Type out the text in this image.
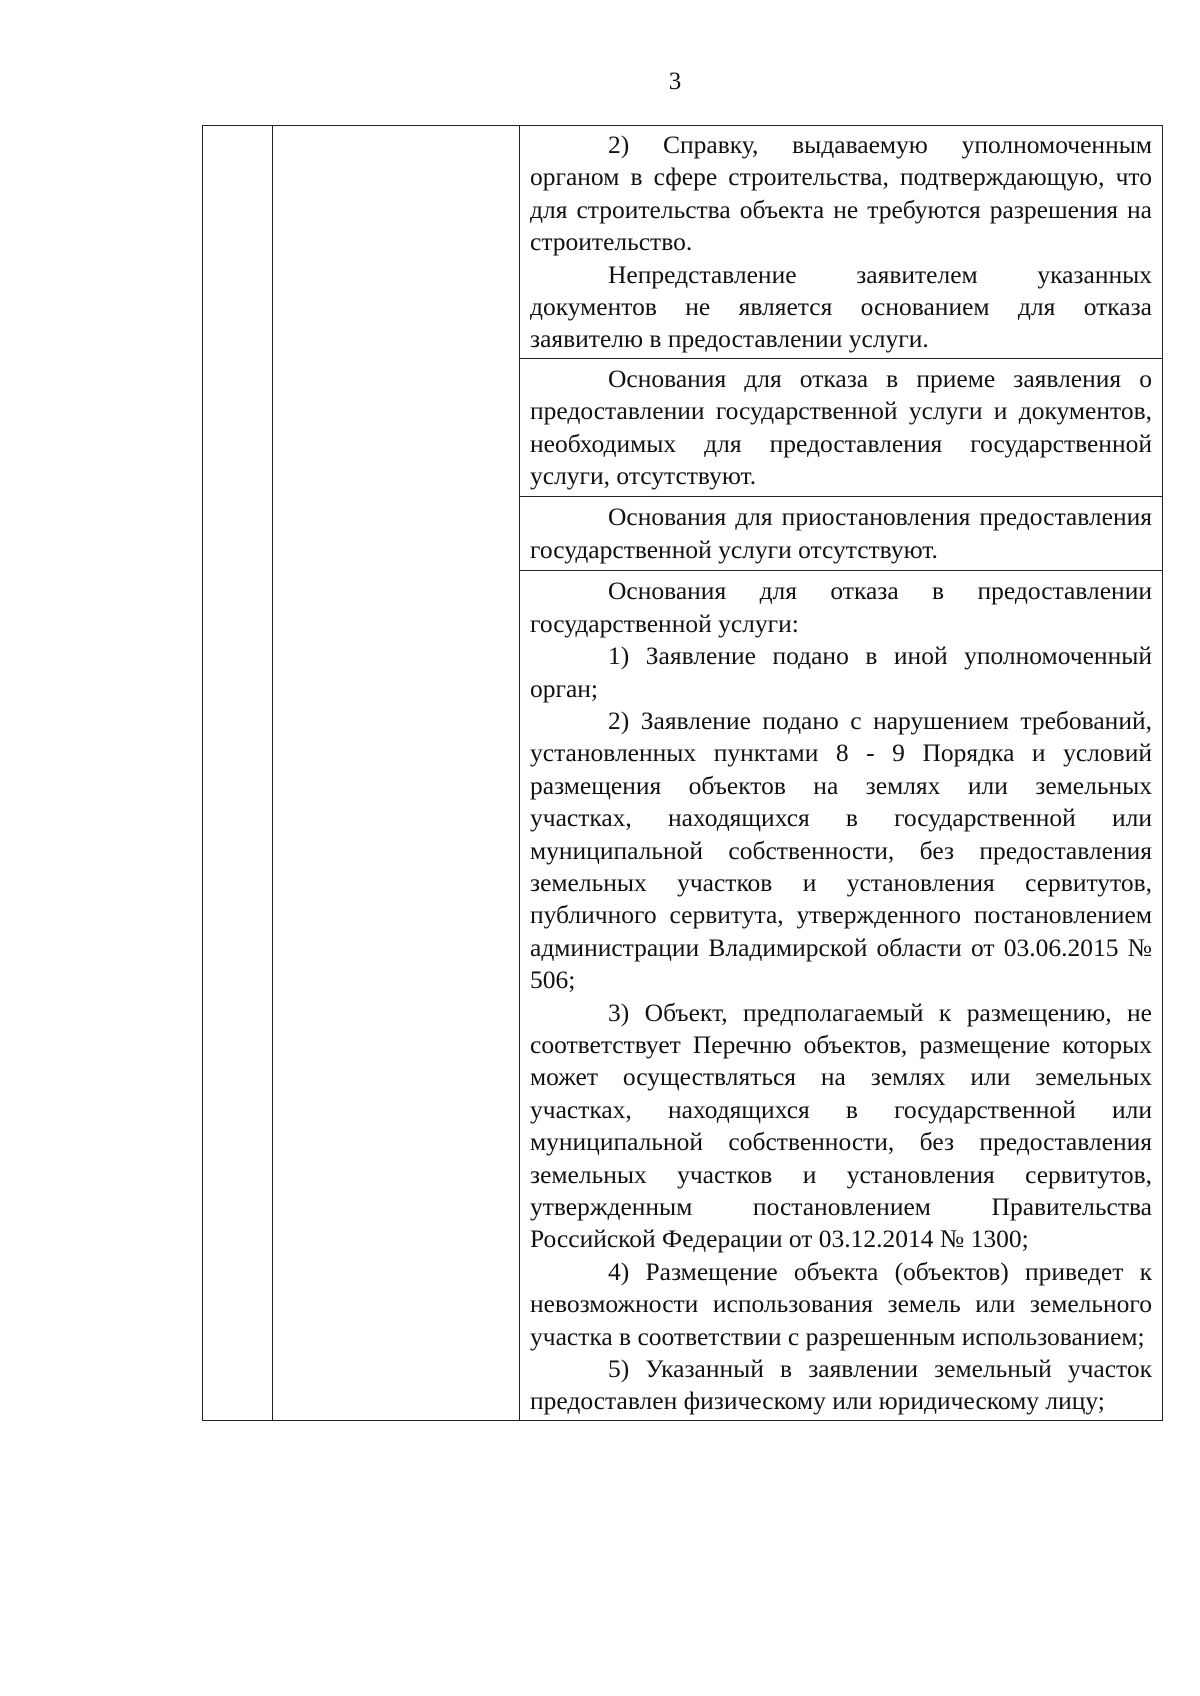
3

2) Справку, выдаваемую уполномоченным органом в сфере строительства, подтверждающую, что для строительства объекта не требуются разрешения на строительство.

Непредставление заявителем указанных документов не является основанием для отказа заявителю в предоставлении услуги.

Основания для отказа в приеме заявления о предоставлении государственной услуги и документов, необходимых для предоставления государственной услуги, отсутствуют.

Основания для приостановления предоставления государственной услуги отсутствуют.

Основания для отказа в предоставлении государственной услуги:

1) Заявление подано в иной уполномоченный орган;

2) Заявление подано с нарушением требований, установленных пунктами 8 - 9 Порядка и условий размещения объектов на землях или земельных участках, находящихся в государственной или муниципальной собственности, без предоставления земельных участков и установления сервитутов, публичного сервитута, утвержденного постановлением администрации Владимирской области от 03.06.2015 № 506;

3) Объект, предполагаемый к размещению, не соответствует Перечню объектов, размещение которых может осуществляться на землях или земельных участках, находящихся в государственной или муниципальной собственности, без предоставления земельных участков и установления сервитутов, утвержденным постановлением Правительства Российской Федерации от 03.12.2014 № 1300;

4) Размещение объекта (объектов) приведет к невозможности использования земель или земельного участка в соответствии с разрешенным использованием;

5) Указанный в заявлении земельный участок предоставлен физическому или юридическому лицу;
